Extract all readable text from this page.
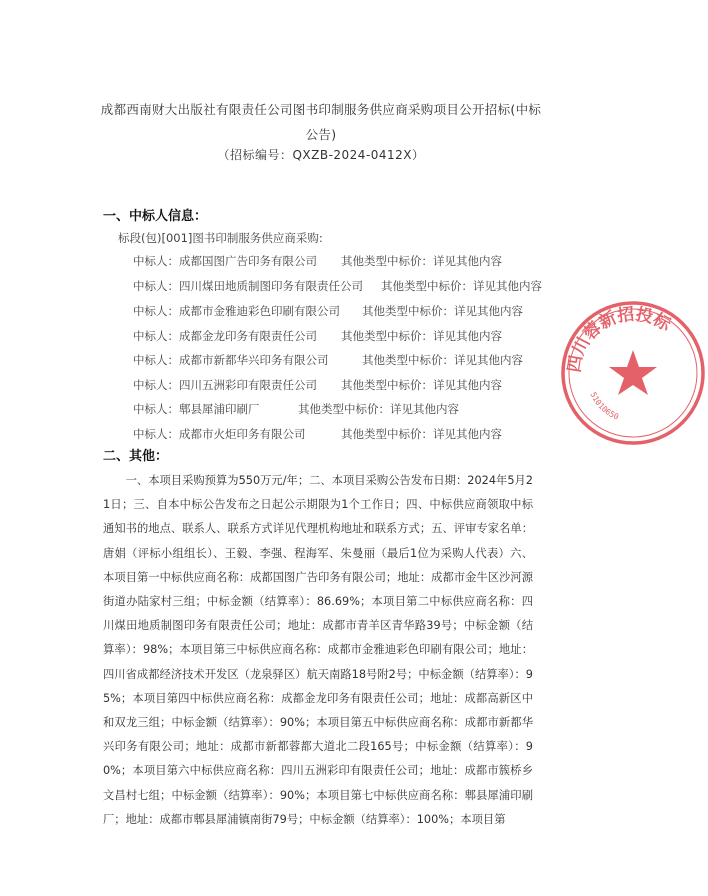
成都西南财大出版社有限责任公司图书印制服务供应商采购项目公开招标(中标公告)
（招标编号：QXZB-2024-0412X）
一、中标人信息：
标段(包)[001]图书印制服务供应商采购:
中标人：成都国图广告印务有限公司 其他类型中标价：详见其他内容
中标人：四川煤田地质制图印务有限责任公司 其他类型中标价：详见其他内容
中标人：成都市金雅迪彩色印刷有限公司 其他类型中标价：详见其他内容
中标人：成都金龙印务有限责任公司 其他类型中标价：详见其他内容
中标人：成都市新都华兴印务有限公司	其他类型中标价：详见其他内容
中标人：四川五洲彩印有限责任公司 其他类型中标价：详见其他内容
中标人：郫县犀浦印刷厂	其他类型中标价：详见其他内容
中标人：成都市火炬印务有限公司	其他类型中标价：详见其他内容
二、其他：
一、本项目采购预算为550万元/年；二、本项目采购公告发布日期：2024年5月21日；三、自本中标公告发布之日起公示期限为1个工作日；四、中标供应商领取中标通知书的地点、联系人、联系方式详见代理机构地址和联系方式；五、评审专家名单：唐娟（评标小组组长）、王毅、李强、程海军、朱曼丽（最后1位为采购人代表）六、本项目第一中标供应商名称：成都国图广告印务有限公司；地址：成都市金牛区沙河源街道办陆家村三组；中标金额（结算率）：86.69%；本项目第二中标供应商名称：四川煤田地质制图印务有限责任公司；地址：成都市青羊区青华路39号；中标金额（结算率）：98%；本项目第三中标供应商名称：成都市金雅迪彩色印刷有限公司；地址：四川省成都经济技术开发区（龙泉驿区）航天南路18号附2号；中标金额（结算率）：95%；本项目第四中标供应商名称：成都金龙印务有限责任公司；地址：成都高新区中和双龙三组；中标金额（结算率）：90%；本项目第五中标供应商名称：成都市新都华兴印务有限公司；地址：成都市新都蓉都大道北二段165号；中标金额（结算率）：90%；本项目第六中标供应商名称：四川五洲彩印有限责任公司；地址：成都市簇桥乡文昌村七组；中标金额（结算率）：90%；本项目第七中标供应商名称：郫县犀浦印刷厂；地址：成都市郫县犀浦镇南街79号；中标金额（结算率）：100%；本项目第
四川蓉新招投标
51010650
